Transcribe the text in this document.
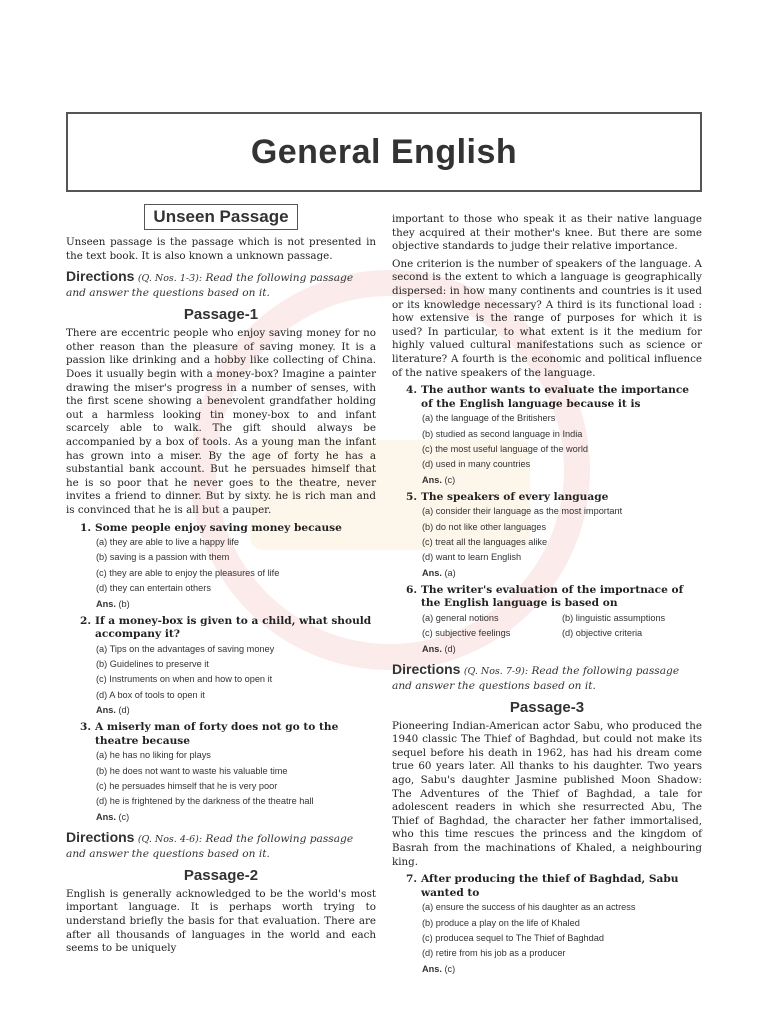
General English
Unseen Passage

Unseen passage is the passage which is not presented in the text book. It is also known a unknown passage.

Directions (Q. Nos. 1-3): Read the following passage and answer the questions based on it.
Passage-1

There are eccentric people who enjoy saving money for no other reason than the pleasure of saving money. It is a passion like drinking and a hobby like collecting of China. Does it usually begin with a money-box? Imagine a painter drawing the miser's progress in a number of senses, with the first scene showing a benevolent grandfather holding out a harmless looking tin money-box to and infant scarcely able to walk. The gift should always be accompanied by a box of tools. As a young man the infant has grown into a miser. By the age of forty he has a substantial bank account. But he persuades himself that he is so poor that he never goes to the theatre, never invites a friend to dinner. But by sixty. he is rich man and is convinced that he is all but a pauper.

1. Some people enjoy saving money because
(a) they are able to live a happy life
(b) saving is a passion with them
(c) they are able to enjoy the pleasures of life
(d) they can entertain others
Ans. (b)
2. If a money-box is given to a child, what should accompany it?
(a) Tips on the advantages of saving money
(b) Guidelines to preserve it
(c) Instruments on when and how to open it
(d) A box of tools to open it
Ans. (d)
3. A miserly man of forty does not go to the theatre because
(a) he has no liking for plays
(b) he does not want to waste his valuable time
(c) he persuades himself that he is very poor
(d) he is frightened by the darkness of the theatre hall
Ans. (c)
Directions (Q. Nos. 4-6): Read the following passage and answer the questions based on it.
Passage-2

English is generally acknowledged to be the world's most important language. It is perhaps worth trying to understand briefly the basis for that evaluation. There are after all thousands of languages in the world and each seems to be uniquely

important to those who speak it as their native language they acquired at their mother's knee. But there are some objective standards to judge their relative importance.

One criterion is the number of speakers of the language. A second is the extent to which a language is geographically dispersed: in how many continents and countries is it used or its knowledge necessary? A third is its functional load : how extensive is the range of purposes for which it is used? In particular, to what extent is it the medium for highly valued cultural manifestations such as science or literature? A fourth is the economic and political influence of the native speakers of the language.

4. The author wants to evaluate the importance of the English language because it is
(a) the language of the Britishers
(b) studied as second language in India
(c) the most useful language of the world
(d) used in many countries
Ans. (c)
5. The speakers of every language
(a) consider their language as the most important
(b) do not like other languages
(c) treat all the languages alike
(d) want to learn English
Ans. (a)
6. The writer's evaluation of the importnace of the English language is based on
(a) general notions	(b) linguistic assumptions
(c) subjective feelings	(d) objective criteria
Ans. (d)
Directions (Q. Nos. 7-9): Read the following passage and answer the questions based on it.
Passage-3

Pioneering Indian-American actor Sabu, who produced the 1940 classic The Thief of Baghdad, but could not make its sequel before his death in 1962, has had his dream come true 60 years later. All thanks to his daughter. Two years ago, Sabu's daughter Jasmine published Moon Shadow: The Adventures of the Thief of Baghdad, a tale for adolescent readers in which she resurrected Abu, The Thief of Baghdad, the character her father immortalised, who this time rescues the princess and the kingdom of Basrah from the machinations of Khaled, a neighbouring king.

7. After producing the thief of Baghdad, Sabu wanted to
(a) ensure the success of his daughter as an actress
(b) produce a play on the life of Khaled
(c) producea sequel to The Thief of Baghdad
(d) retire from his job as a producer
Ans. (c)
